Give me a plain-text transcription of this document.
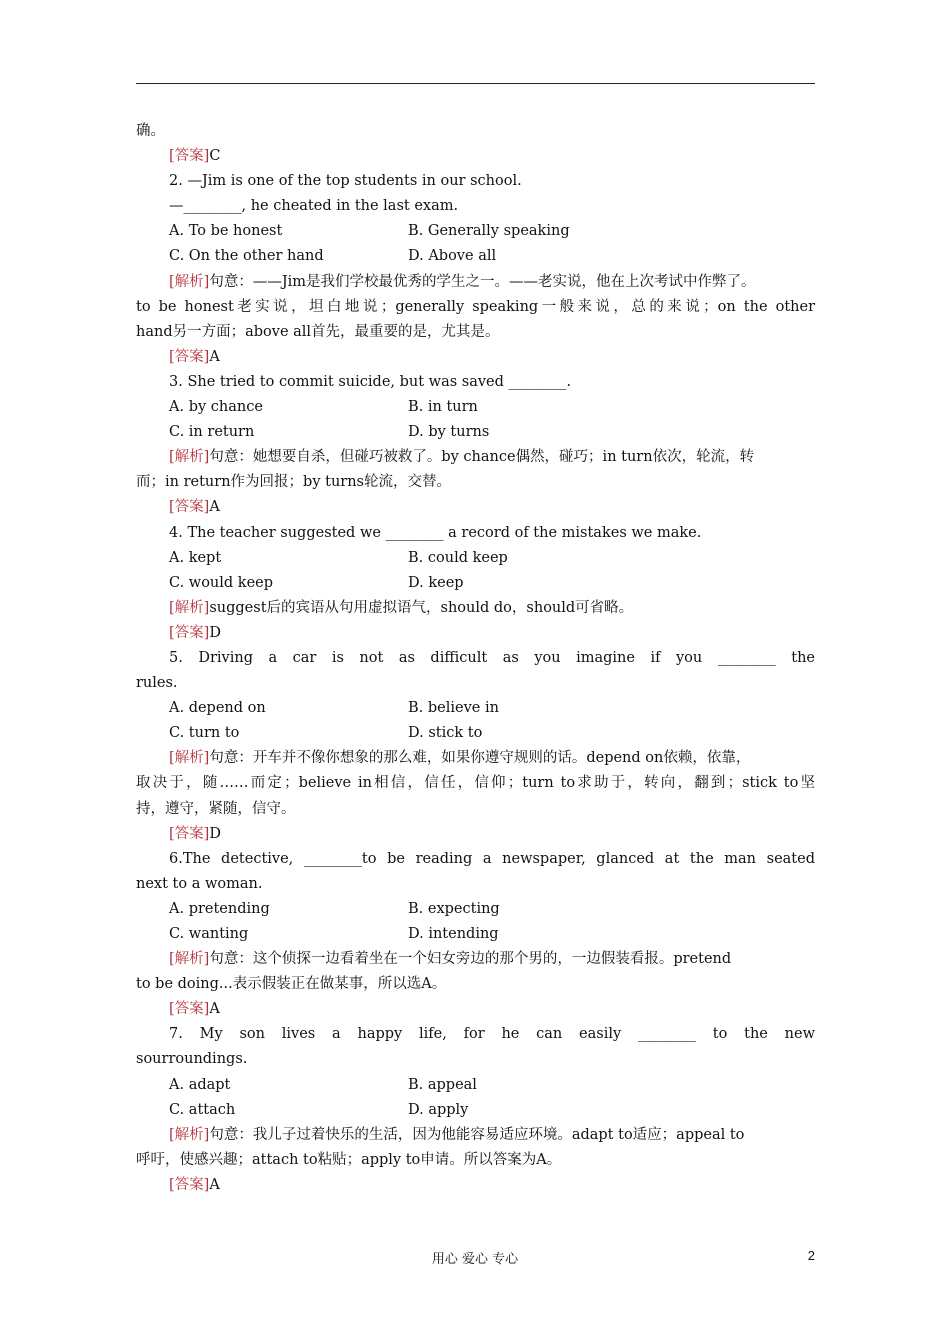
确。
[答案]C
2. —Jim is one of the top students in our school.
—________, he cheated in the last exam.
A. To be honest	B. Generally speaking
C. On the other hand	D. Above all
[解析]句意：——Jim是我们学校最优秀的学生之一。——老实说，他在上次考试中作弊了。
to be honest老实说，坦白地说；generally speaking一般来说，总的来说；on the other
hand另一方面；above all首先，最重要的是，尤其是。
[答案]A
3. She tried to commit suicide, but was saved ________.
A. by chance	B. in turn
C. in return	D. by turns
[解析]句意：她想要自杀，但碰巧被救了。by chance偶然，碰巧；in turn依次，轮流，转
而；in return作为回报；by turns轮流，交替。
[答案]A
4. The teacher suggested we ________ a record of the mistakes we make.
A. kept	B. could keep
C. would keep	D. keep
[解析]suggest后的宾语从句用虚拟语气，should do，should可省略。
[答案]D
5. Driving a car is not as difficult as you imagine if you ________ the
rules.
A. depend on	B. believe in
C. turn to	D. stick to
[解析]句意：开车并不像你想象的那么难，如果你遵守规则的话。depend on依赖，依靠，
取决于，随……而定；believe in相信，信任，信仰；turn to求助于，转向，翻到；stick to坚
持，遵守，紧随，信守。
[答案]D
6.The detective, ________to be reading a newspaper, glanced at the man seated
next to a woman.
A. pretending	B. expecting
C. wanting	D. intending
[解析]句意：这个侦探一边看着坐在一个妇女旁边的那个男的，一边假装看报。pretend
to be doing...表示假装正在做某事，所以选A。
[答案]A
7. My son lives a happy life, for he can easily ________ to the new
sourroundings.
A. adapt	B. appeal
C. attach	D. apply
[解析]句意：我儿子过着快乐的生活，因为他能容易适应环境。adapt to适应；appeal to
呼吁，使感兴趣；attach to粘贴；apply to申请。所以答案为A。
[答案]A
用心 爱心 专心	2
